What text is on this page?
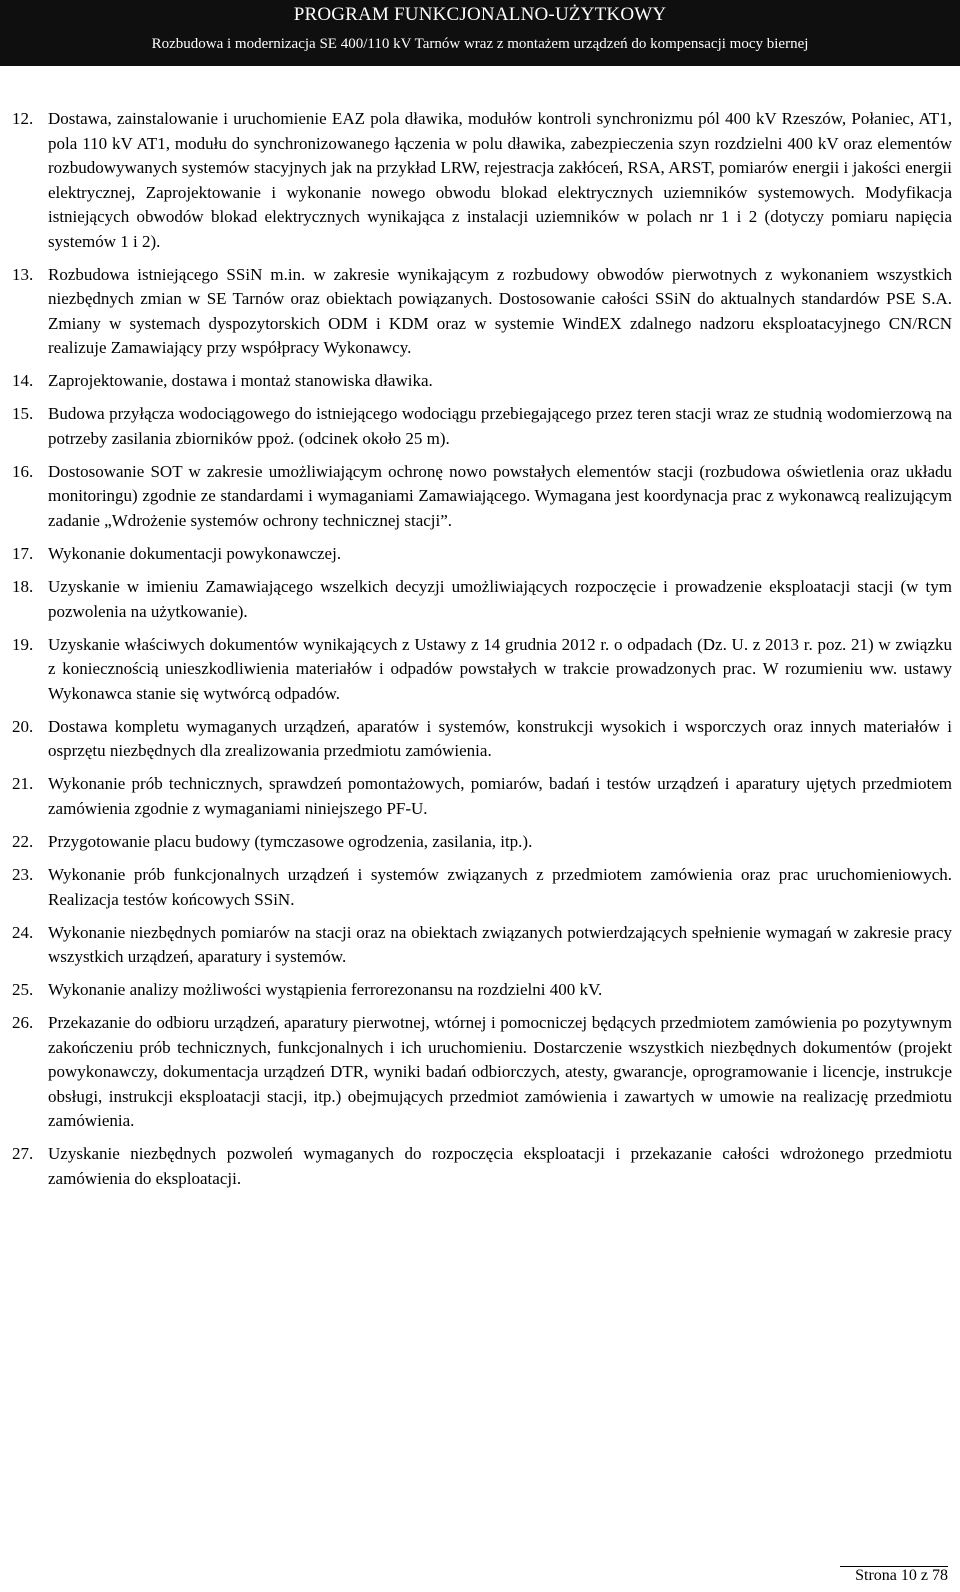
PROGRAM FUNKCJONALNO-UŻYTKOWY
Rozbudowa i modernizacja SE 400/110 kV Tarnów wraz z montażem urządzeń do kompensacji mocy biernej
12. Dostawa, zainstalowanie i uruchomienie EAZ pola dławika, modułów kontroli synchronizmu pól 400 kV Rzeszów, Połaniec, AT1, pola 110 kV AT1, modułu do synchronizowanego łączenia w polu dławika, zabezpieczenia szyn rozdzielni 400 kV oraz elementów rozbudowywanych systemów stacyjnych jak na przykład LRW, rejestracja zakłóceń, RSA, ARST, pomiarów energii i jakości energii elektrycznej, Zaprojektowanie i wykonanie nowego obwodu blokad elektrycznych uziemników systemowych. Modyfikacja istniejących obwodów blokad elektrycznych wynikająca z instalacji uziemników w polach nr 1 i 2 (dotyczy pomiaru napięcia systemów 1 i 2).
13. Rozbudowa istniejącego SSiN m.in. w zakresie wynikającym z rozbudowy obwodów pierwotnych z wykonaniem wszystkich niezbędnych zmian w SE Tarnów oraz obiektach powiązanych. Dostosowanie całości SSiN do aktualnych standardów PSE S.A. Zmiany w systemach dyspozytorskich ODM i KDM oraz w systemie WindEX zdalnego nadzoru eksploatacyjnego CN/RCN realizuje Zamawiający przy współpracy Wykonawcy.
14. Zaprojektowanie, dostawa i montaż stanowiska dławika.
15. Budowa przyłącza wodociągowego do istniejącego wodociągu przebiegającego przez teren stacji wraz ze studnią wodomierzową na potrzeby zasilania zbiorników ppoż. (odcinek około 25 m).
16. Dostosowanie SOT w zakresie umożliwiającym ochronę nowo powstałych elementów stacji (rozbudowa oświetlenia oraz układu monitoringu) zgodnie ze standardami i wymaganiami Zamawiającego. Wymagana jest koordynacja prac z wykonawcą realizującym zadanie „Wdrożenie systemów ochrony technicznej stacji”.
17. Wykonanie dokumentacji powykonawczej.
18. Uzyskanie w imieniu Zamawiającego wszelkich decyzji umożliwiających rozpoczęcie i prowadzenie eksploatacji stacji (w tym pozwolenia na użytkowanie).
19. Uzyskanie właściwych dokumentów wynikających z Ustawy z 14 grudnia 2012 r. o odpadach (Dz. U. z 2013 r. poz. 21) w związku z koniecznością unieszkodliwienia materiałów i odpadów powstałych w trakcie prowadzonych prac. W rozumieniu ww. ustawy Wykonawca stanie się wytwórcą odpadów.
20. Dostawa kompletu wymaganych urządzeń, aparatów i systemów, konstrukcji wysokich i wsporczych oraz innych materiałów i osprzętu niezbędnych dla zrealizowania przedmiotu zamówienia.
21. Wykonanie prób technicznych, sprawdzeń pomontażowych, pomiarów, badań i testów urządzeń i aparatury ujętych przedmiotem zamówienia zgodnie z wymaganiami niniejszego PF-U.
22. Przygotowanie placu budowy (tymczasowe ogrodzenia, zasilania, itp.).
23. Wykonanie prób funkcjonalnych urządzeń i systemów związanych z przedmiotem zamówienia oraz prac uruchomieniowych. Realizacja testów końcowych SSiN.
24. Wykonanie niezbędnych pomiarów na stacji oraz na obiektach związanych potwierdzających spełnienie wymagań w zakresie pracy wszystkich urządzeń, aparatury i systemów.
25. Wykonanie analizy możliwości wystąpienia ferrorezonansu na rozdzielni 400 kV.
26. Przekazanie do odbioru urządzeń, aparatury pierwotnej, wtórnej i pomocniczej będących przedmiotem zamówienia po pozytywnym zakończeniu prób technicznych, funkcjonalnych i ich uruchomieniu. Dostarczenie wszystkich niezbędnych dokumentów (projekt powykonawczy, dokumentacja urządzeń DTR, wyniki badań odbiorczych, atesty, gwarancje, oprogramowanie i licencje, instrukcje obsługi, instrukcji eksploatacji stacji, itp.) obejmujących przedmiot zamówienia i zawartych w umowie na realizację przedmiotu zamówienia.
27. Uzyskanie niezbędnych pozwoleń wymaganych do rozpoczęcia eksploatacji i przekazanie całości wdrożonego przedmiotu zamówienia do eksploatacji.
Strona 10 z 78
